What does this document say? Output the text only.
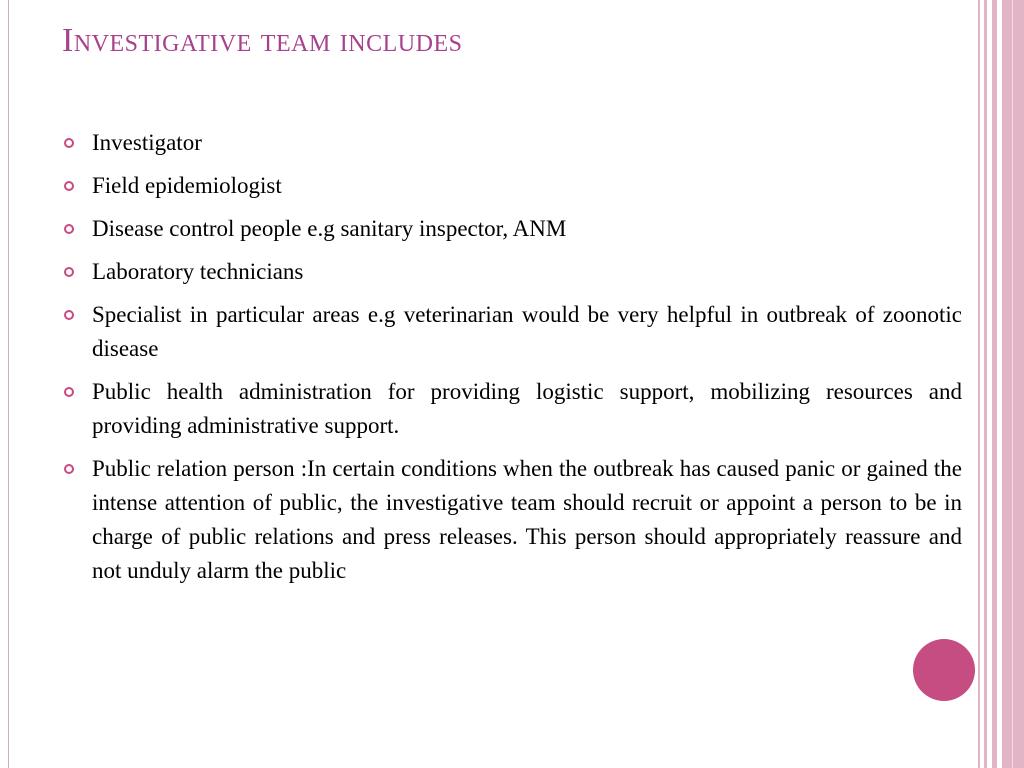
Investigative team includes
Investigator
Field epidemiologist
Disease control people e.g sanitary inspector, ANM
Laboratory technicians
Specialist in particular areas e.g veterinarian would be very helpful in outbreak of zoonotic disease
Public health administration for providing logistic support, mobilizing resources and providing administrative support.
Public relation person :In certain conditions when the outbreak has caused panic or gained the intense attention of public, the investigative team should recruit or appoint a person to be in charge of public relations and press releases. This person should appropriately reassure and not unduly alarm the public
